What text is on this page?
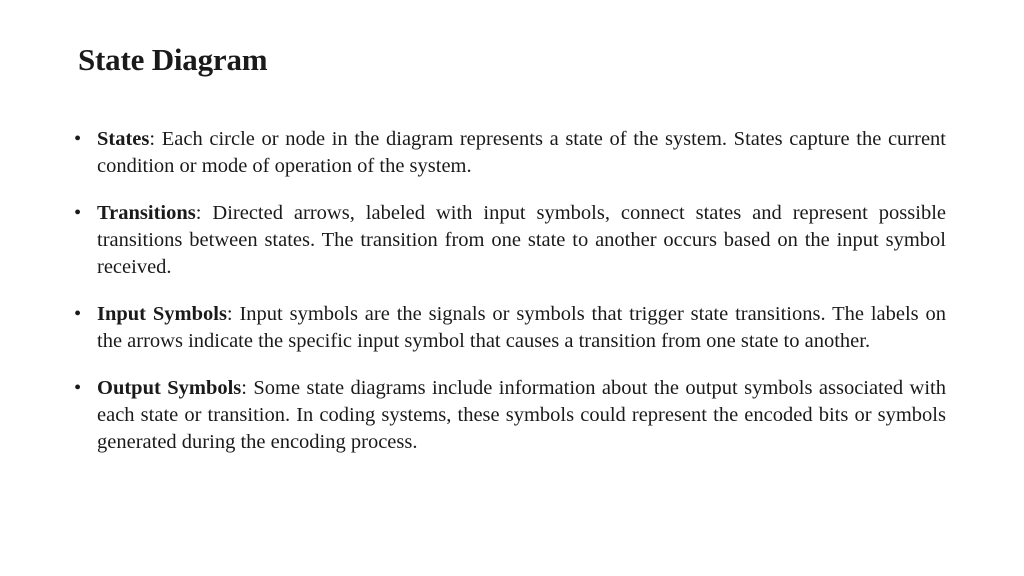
State Diagram
• States: Each circle or node in the diagram represents a state of the system. States capture the current condition or mode of operation of the system.
• Transitions: Directed arrows, labeled with input symbols, connect states and represent possible transitions between states. The transition from one state to another occurs based on the input symbol received.
• Input Symbols: Input symbols are the signals or symbols that trigger state transitions. The labels on the arrows indicate the specific input symbol that causes a transition from one state to another.
• Output Symbols: Some state diagrams include information about the output symbols associated with each state or transition. In coding systems, these symbols could represent the encoded bits or symbols generated during the encoding process.
